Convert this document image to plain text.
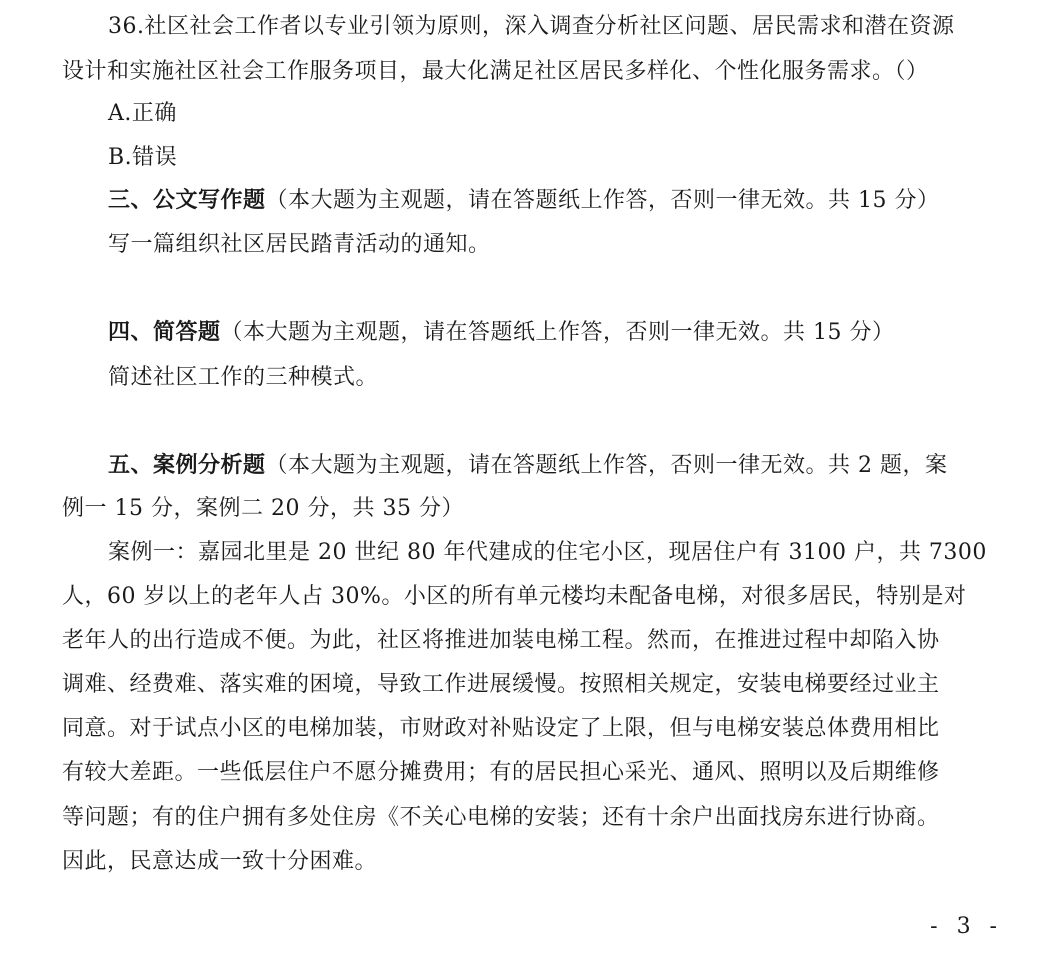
36.社区社会工作者以专业引领为原则，深入调查分析社区问题、居民需求和潜在资源
设计和实施社区社会工作服务项目，最大化满足社区居民多样化、个性化服务需求。（）
A.正确
B.错误
三、公文写作题（本大题为主观题，请在答题纸上作答，否则一律无效。共 15 分）
写一篇组织社区居民踏青活动的通知。
四、简答题（本大题为主观题，请在答题纸上作答，否则一律无效。共 15 分）
简述社区工作的三种模式。
五、案例分析题（本大题为主观题，请在答题纸上作答，否则一律无效。共 2 题，案
例一 15 分，案例二 20 分，共 35 分）
案例一：嘉园北里是 20 世纪 80 年代建成的住宅小区，现居住户有 3100 户，共 7300
人，60 岁以上的老年人占 30%。小区的所有单元楼均未配备电梯，对很多居民，特别是对
老年人的出行造成不便。为此，社区将推进加装电梯工程。然而，在推进过程中却陷入协
调难、经费难、落实难的困境，导致工作进展缓慢。按照相关规定，安装电梯要经过业主
同意。对于试点小区的电梯加装，市财政对补贴设定了上限，但与电梯安装总体费用相比
有较大差距。一些低层住户不愿分摊费用；有的居民担心采光、通风、照明以及后期维修
等问题；有的住户拥有多处住房《不关心电梯的安装；还有十余户出面找房东进行协商。
因此，民意达成一致十分困难。
- 3 -
